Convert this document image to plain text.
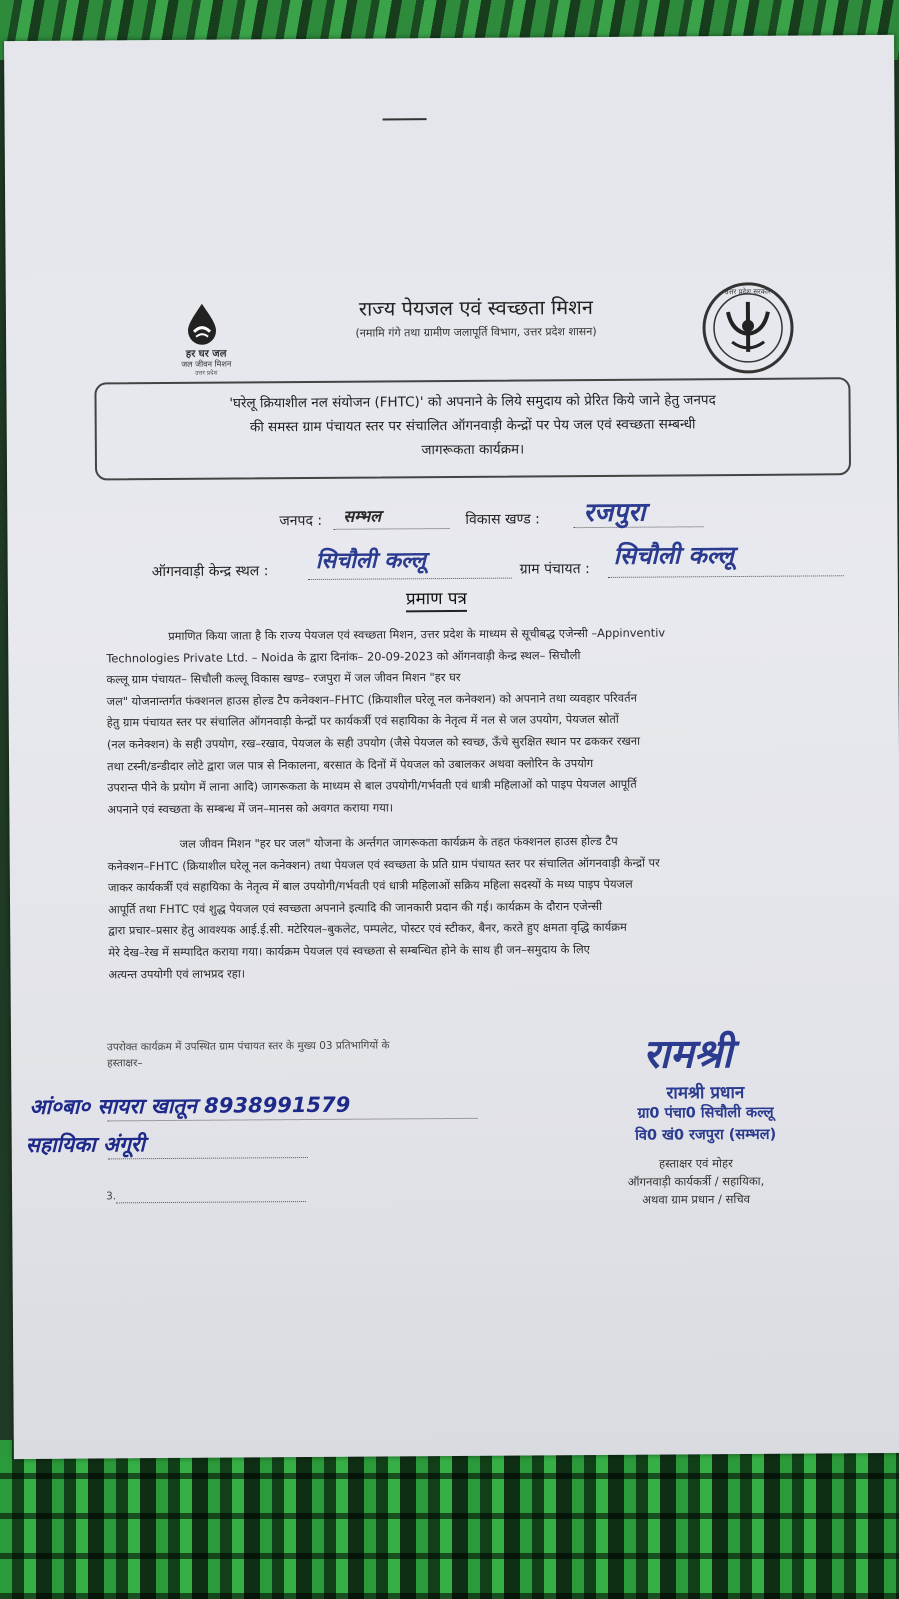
हर घर जल
जल जीवन मिशन
उत्तर प्रदेश
राज्य पेयजल एवं स्वच्छता मिशन
(नमामि गंगे तथा ग्रामीण जलापूर्ति विभाग, उत्तर प्रदेश शासन)
उत्तर प्रदेश सरकार
'घरेलू क्रियाशील नल संयोजन (FHTC)' को अपनाने के लिये समुदाय को प्रेरित किये जाने हेतु जनपद
की समस्त ग्राम पंचायत स्तर पर संचालित ऑगनवाड़ी केन्द्रों पर पेय जल एवं स्वच्छता सम्बन्धी
जागरूकता कार्यक्रम।
जनपद : सम्भल	विकास खण्ड : रजपुरा
ऑगनवाड़ी केन्द्र स्थल : सिचौली कल्लू	ग्राम पंचायत : सिचौली कल्लू
प्रमाण पत्र
प्रमाणित किया जाता है कि राज्य पेयजल एवं स्वच्छता मिशन, उत्तर प्रदेश के माध्यम से सूचीबद्ध एजेन्सी –Appinventiv
Technologies Private Ltd. – Noida के द्वारा दिनांक– 20-09-2023 को ऑगनवाड़ी केन्द्र स्थल– सिचौली
कल्लू ग्राम पंचायत– सिचौली कल्लू विकास खण्ड– रजपुरा में जल जीवन मिशन "हर घर
जल" योजनान्तर्गत फंक्शनल हाउस होल्ड टैप कनेक्शन–FHTC (क्रियाशील घरेलू नल कनेक्शन) को अपनाने तथा व्यवहार परिवर्तन
हेतु ग्राम पंचायत स्तर पर संचालित ऑगनवाड़ी केन्द्रों पर कार्यकर्त्री एवं सहायिका के नेतृत्व में नल से जल उपयोग, पेयजल स्रोतों
(नल कनेक्शन) के सही उपयोग, रख–रखाव, पेयजल के सही उपयोग (जैसे पेयजल को स्वच्छ, ऊँचे सुरक्षित स्थान पर ढककर रखना
तथा टस्नी/डन्डीदार लोटे द्वारा जल पात्र से निकालना, बरसात के दिनों में पेयजल को उबालकर अथवा क्लोरिन के उपयोग
उपरान्त पीने के प्रयोग में लाना आदि) जागरूकता के माध्यम से बाल उपयोगी/गर्भवती एवं धात्री महिलाओं को पाइप पेयजल आपूर्ति
अपनाने एवं स्वच्छता के सम्बन्ध में जन–मानस को अवगत कराया गया।
जल जीवन मिशन "हर घर जल" योजना के अर्न्तगत जागरूकता कार्यक्रम के तहत फंक्शनल हाउस होल्ड टैप
कनेक्शन–FHTC (क्रियाशील घरेलू नल कनेक्शन) तथा पेयजल एवं स्वच्छता के प्रति ग्राम पंचायत स्तर पर संचालित ऑगनवाड़ी केन्द्रों पर
जाकर कार्यकर्त्री एवं सहायिका के नेतृत्व में बाल उपयोगी/गर्भवती एवं धात्री महिलाओं सक्रिय महिला सदस्यों के मध्य पाइप पेयजल
आपूर्ति तथा FHTC एवं शुद्ध पेयजल एवं स्वच्छता अपनाने इत्यादि की जानकारी प्रदान की गई। कार्यक्रम के दौरान एजेन्सी
द्वारा प्रचार–प्रसार हेतु आवश्यक आई.ई.सी. मटेरियल–बुकलेट, पम्पलेट, पोस्टर एवं स्टीकर, बैनर, करते हुए क्षमता वृद्धि कार्यक्रम
मेरे देख–रेख में सम्पादित कराया गया। कार्यक्रम पेयजल एवं स्वच्छता से सम्बन्धित होने के साथ ही जन–समुदाय के लिए
अत्यन्त उपयोगी एवं लाभप्रद रहा।
उपरोक्त कार्यक्रम में उपस्थित ग्राम पंचायत स्तर के मुख्य 03 प्रतिभागियों के
हस्ताक्षर–
आं०बा० सायरा खातून 8938991579
सहायिका अंगूरी
3.
रामश्री
रामश्री प्रधान
ग्रा0 पंचा0 सिचौली कल्लू
वि0 खं0 रजपुरा (सम्भल)
हस्ताक्षर एवं मोहर
ऑगनवाड़ी कार्यकर्त्री / सहायिका,
अथवा ग्राम प्रधान / सचिव
